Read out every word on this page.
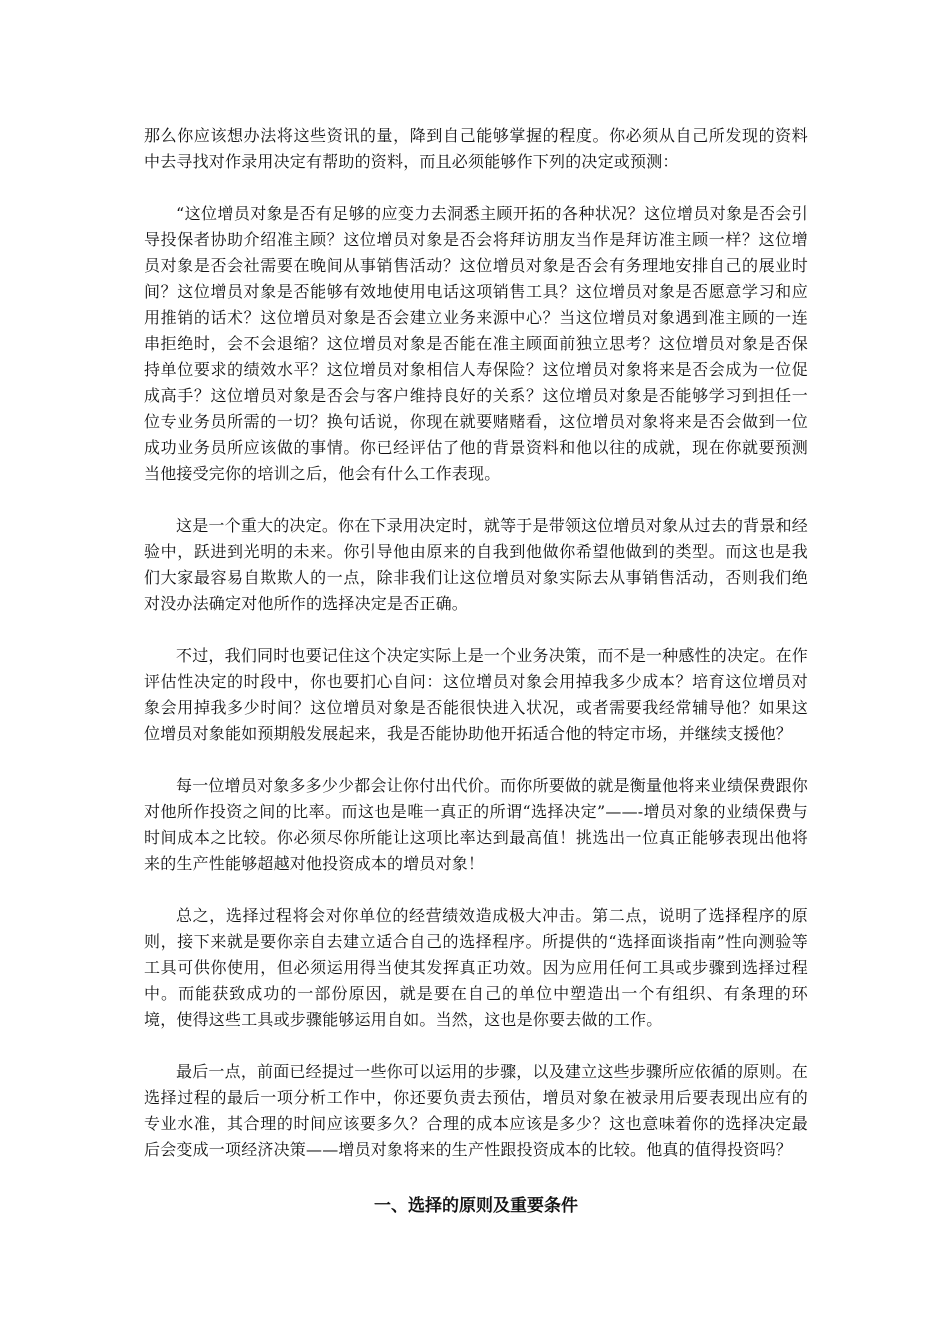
那么你应该想办法将这些资讯的量，降到自己能够掌握的程度。你必须从自己所发现的资料中去寻找对作录用决定有帮助的资料，而且必须能够作下列的决定或预测：

“这位增员对象是否有足够的应变力去洞悉主顾开拓的各种状况？这位增员对象是否会引导投保者协助介绍准主顾？这位增员对象是否会将拜访朋友当作是拜访准主顾一样？这位增员对象是否会社需要在晚间从事销售活动？这位增员对象是否会有务理地安排自己的展业时间？这位增员对象是否能够有效地使用电话这项销售工具？这位增员对象是否愿意学习和应用推销的话术？这位增员对象是否会建立业务来源中心？当这位增员对象遇到准主顾的一连串拒绝时，会不会退缩？这位增员对象是否能在准主顾面前独立思考？这位增员对象是否保持单位要求的绩效水平？这位增员对象相信人寿保险？这位增员对象将来是否会成为一位促成高手？这位增员对象是否会与客户维持良好的关系？这位增员对象是否能够学习到担任一位专业务员所需的一切？换句话说，你现在就要赌赌看，这位增员对象将来是否会做到一位成功业务员所应该做的事情。你已经评估了他的背景资料和他以往的成就，现在你就要预测当他接受完你的培训之后，他会有什么工作表现。

这是一个重大的决定。你在下录用决定时，就等于是带领这位增员对象从过去的背景和经验中，跃进到光明的未来。你引导他由原来的自我到他做你希望他做到的类型。而这也是我们大家最容易自欺欺人的一点，除非我们让这位增员对象实际去从事销售活动，否则我们绝对没办法确定对他所作的选择决定是否正确。

不过，我们同时也要记住这个决定实际上是一个业务决策，而不是一种感性的决定。在作评估性决定的时段中，你也要扪心自问：这位增员对象会用掉我多少成本？培育这位增员对象会用掉我多少时间？这位增员对象是否能很快进入状况，或者需要我经常辅导他？如果这位增员对象能如预期般发展起来，我是否能协助他开拓适合他的特定市场，并继续支援他？

每一位增员对象多多少少都会让你付出代价。而你所要做的就是衡量他将来业绩保费跟你对他所作投资之间的比率。而这也是唯一真正的所谓“选择决定”——-增员对象的业绩保费与时间成本之比较。你必须尽你所能让这项比率达到最高值！挑选出一位真正能够表现出他将来的生产性能够超越对他投资成本的增员对象！

总之，选择过程将会对你单位的经营绩效造成极大冲击。第二点，说明了选择程序的原则，接下来就是要你亲自去建立适合自己的选择程序。所提供的“选择面谈指南”性向测验等工具可供你使用，但必须运用得当使其发挥真正功效。因为应用任何工具或步骤到选择过程中。而能获致成功的一部份原因，就是要在自己的单位中塑造出一个有组织、有条理的环境，使得这些工具或步骤能够运用自如。当然，这也是你要去做的工作。

最后一点，前面已经提过一些你可以运用的步骤，以及建立这些步骤所应依循的原则。在选择过程的最后一项分析工作中，你还要负责去预估，增员对象在被录用后要表现出应有的专业水准，其合理的时间应该要多久？合理的成本应该是多少？这也意味着你的选择决定最后会变成一项经济决策——增员对象将来的生产性跟投资成本的比较。他真的值得投资吗？

一、选择的原则及重要条件
